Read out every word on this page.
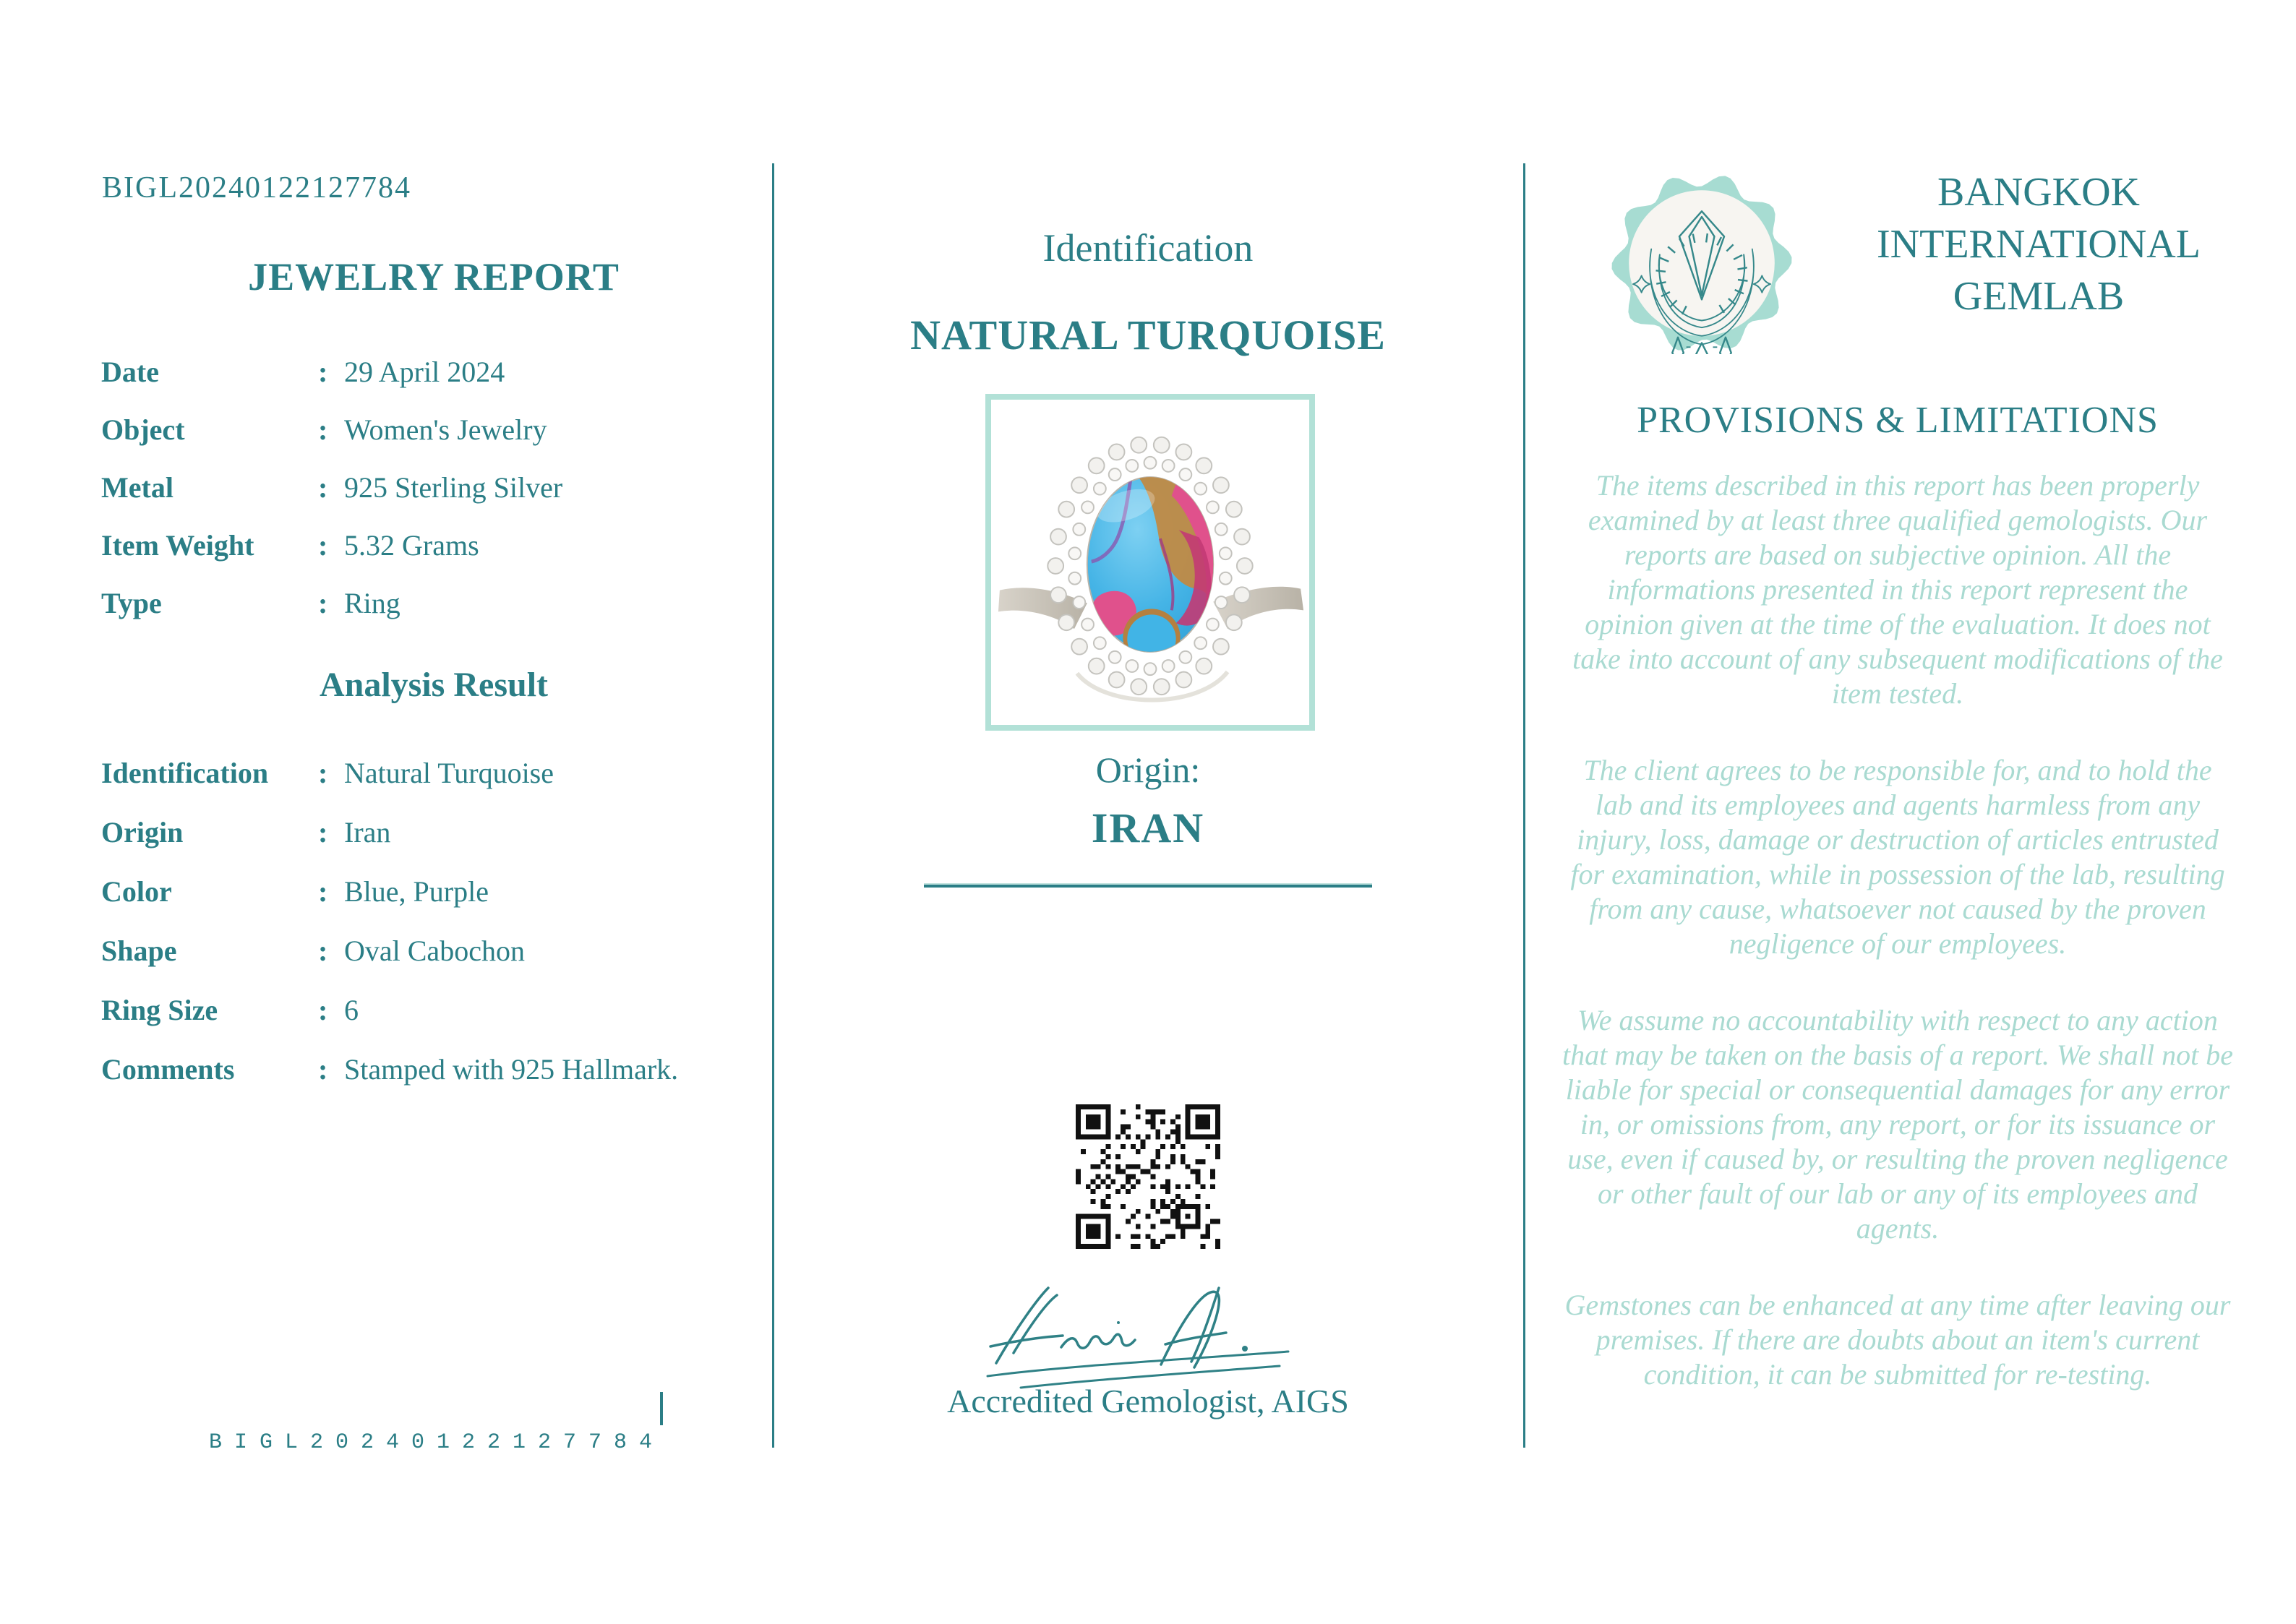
BIGL20240122127784
JEWELRY REPORT
Date	: 29 April 2024
Object	: Women's Jewelry
Metal	: 925 Sterling Silver
Item Weight	: 5.32 Grams
Type	: Ring
Analysis Result
Identification	: Natural Turquoise
Origin	: Iran
Color	: Blue, Purple
Shape	: Oval Cabochon
Ring Size	: 6
Comments	: Stamped with 925 Hallmark.
BIGL20240122127784
Identification
NATURAL TURQUOISE
Origin:
IRAN
Accredited Gemologist, AIGS
BANGKOK
INTERNATIONAL
GEMLAB
PROVISIONS & LIMITATIONS

The items described in this report has been properly examined by at least three qualified gemologists. Our reports are based on subjective opinion. All the informations presented in this report represent the opinion given at the time of the evaluation. It does not take into account of any subsequent modifications of the item tested.

The client agrees to be responsible for, and to hold the lab and its employees and agents harmless from any injury, loss, damage or destruction of articles entrusted for examination, while in possession of the lab, resulting from any cause, whatsoever not caused by the proven negligence of our employees.

We assume no accountability with respect to any action that may be taken on the basis of a report. We shall not be liable for special or consequential damages for any error in, or omissions from, any report, or for its issuance or use, even if caused by, or resulting the proven negligence or other fault of our lab or any of its employees and agents.

Gemstones can be enhanced at any time after leaving our premises. If there are doubts about an item's current condition, it can be submitted for re-testing.
